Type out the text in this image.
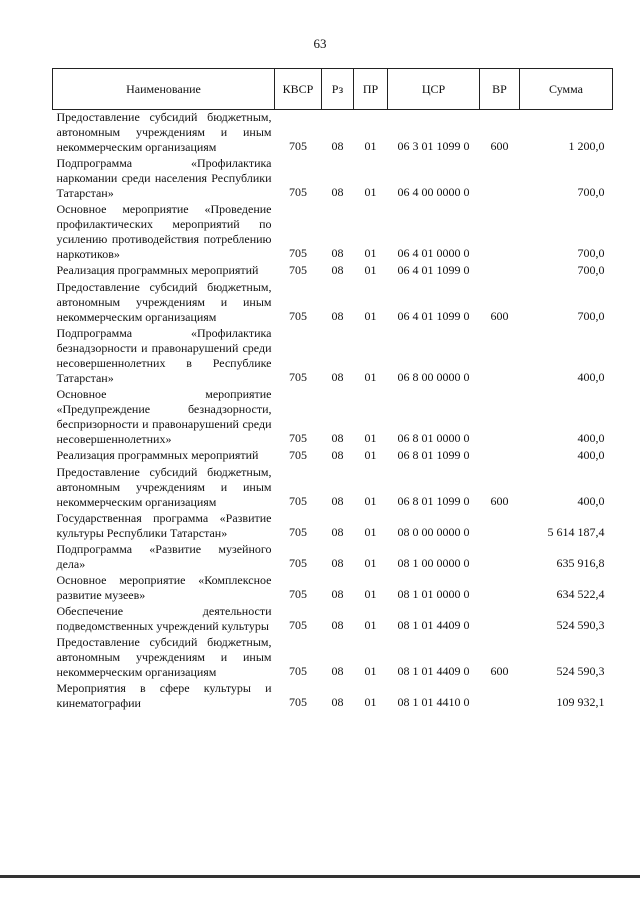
63
Наименование	КВСР	Рз	ПР	ЦСР	ВР	Сумма
Предоставление субсидий бюджетным, автономным учреждениям и иным некоммерческим организациям	705	08	01	06 3 01 1099 0	600	1 200,0
Подпрограмма «Профилактика наркомании среди населения Республики Татарстан»	705	08	01	06 4 00 0000 0		700,0
Основное мероприятие «Проведение профилактических мероприятий по усилению противодействия потреблению наркотиков»	705	08	01	06 4 01 0000 0		700,0
Реализация программных мероприятий	705	08	01	06 4 01 1099 0		700,0
Предоставление субсидий бюджетным, автономным учреждениям и иным некоммерческим организациям	705	08	01	06 4 01 1099 0	600	700,0
Подпрограмма «Профилактика безнадзорности и правонарушений среди несовершеннолетних в Республике Татарстан»	705	08	01	06 8 00 0000 0		400,0
Основное мероприятие «Предупреждение безнадзорности, беспризорности и правонарушений среди несовершеннолетних»	705	08	01	06 8 01 0000 0		400,0
Реализация программных мероприятий	705	08	01	06 8 01 1099 0		400,0
Предоставление субсидий бюджетным, автономным учреждениям и иным некоммерческим организациям	705	08	01	06 8 01 1099 0	600	400,0
Государственная программа «Развитие культуры Республики Татарстан»	705	08	01	08 0 00 0000 0		5 614 187,4
Подпрограмма «Развитие музейного дела»	705	08	01	08 1 00 0000 0		635 916,8
Основное мероприятие «Комплексное развитие музеев»	705	08	01	08 1 01 0000 0		634 522,4
Обеспечение деятельности подведомственных учреждений культуры	705	08	01	08 1 01 4409 0		524 590,3
Предоставление субсидий бюджетным, автономным учреждениям и иным некоммерческим организациям	705	08	01	08 1 01 4409 0	600	524 590,3
Мероприятия в сфере культуры и кинематографии	705	08	01	08 1 01 4410 0		109 932,1
